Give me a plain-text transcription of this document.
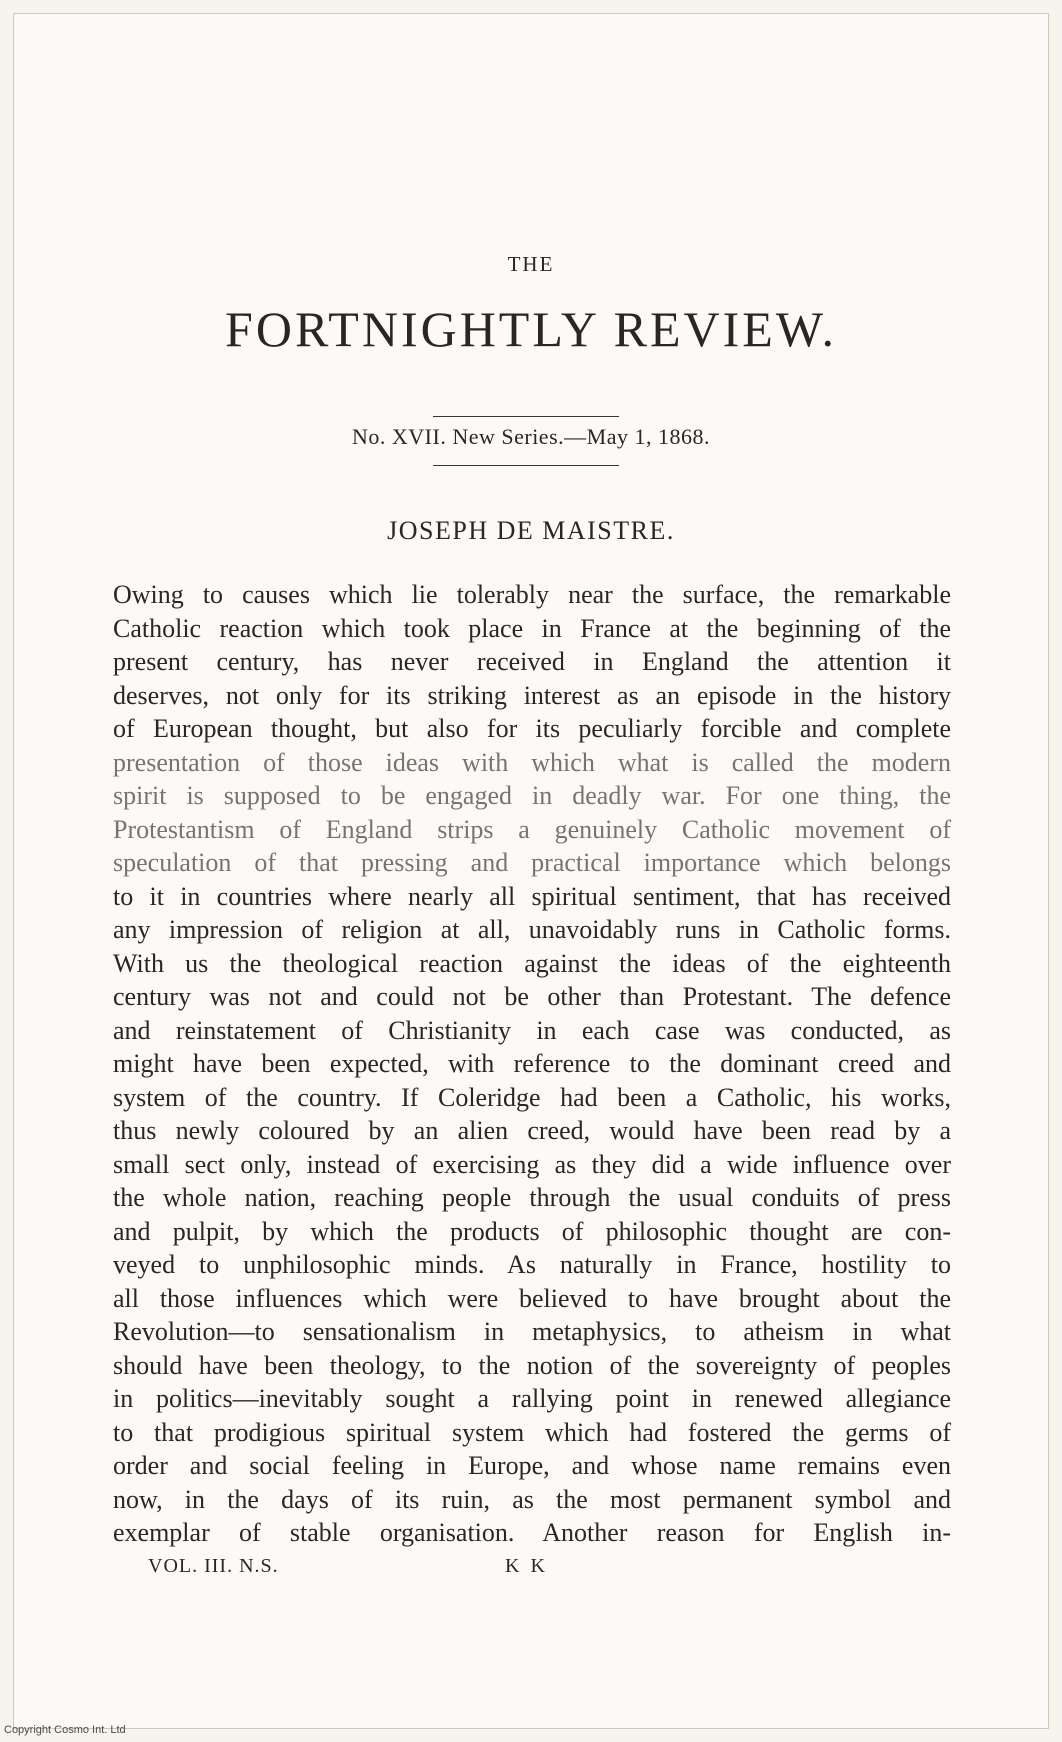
THE
FORTNIGHTLY REVIEW.
No. XVII. New Series.—May 1, 1868.
JOSEPH DE MAISTRE.
Owing to causes which lie tolerably near the surface, the remarkable
Catholic reaction which took place in France at the beginning of the
present century, has never received in England the attention it
deserves, not only for its striking interest as an episode in the history
of European thought, but also for its peculiarly forcible and complete
presentation of those ideas with which what is called the modern
spirit is supposed to be engaged in deadly war. For one thing, the
Protestantism of England strips a genuinely Catholic movement of
speculation of that pressing and practical importance which belongs
to it in countries where nearly all spiritual sentiment, that has received
any impression of religion at all, unavoidably runs in Catholic forms.
With us the theological reaction against the ideas of the eighteenth
century was not and could not be other than Protestant. The defence
and reinstatement of Christianity in each case was conducted, as
might have been expected, with reference to the dominant creed and
system of the country. If Coleridge had been a Catholic, his works,
thus newly coloured by an alien creed, would have been read by a
small sect only, instead of exercising as they did a wide influence over
the whole nation, reaching people through the usual conduits of press
and pulpit, by which the products of philosophic thought are con-
veyed to unphilosophic minds. As naturally in France, hostility to
all those influences which were believed to have brought about the
Revolution—to sensationalism in metaphysics, to atheism in what
should have been theology, to the notion of the sovereignty of peoples
in politics—inevitably sought a rallying point in renewed allegiance
to that prodigious spiritual system which had fostered the germs of
order and social feeling in Europe, and whose name remains even
now, in the days of its ruin, as the most permanent symbol and
exemplar of stable organisation. Another reason for English in-
VOL. III. N.S.	K K
Copyright Cosmo Int. Ltd
